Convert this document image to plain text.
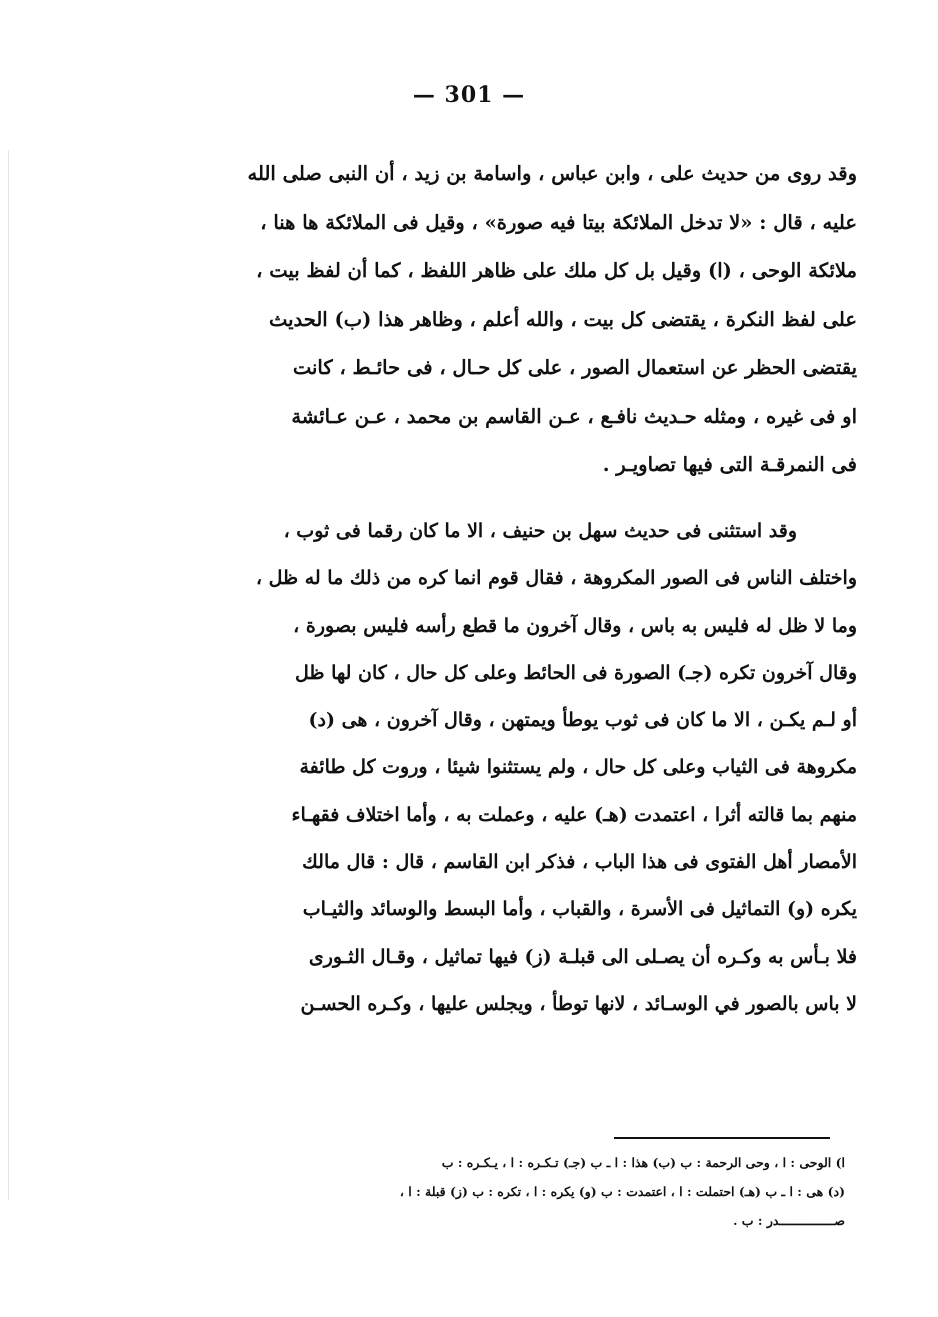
— 301 —
وقد روى من حديث على ، وابن عباس ، واسامة بن زيد ، أن النبى صلى الله
عليه ، قال : «لا تدخل الملائكة بيتا فيه صورة» ، وقيل فى الملائكة ها هنا ،
ملائكة الوحى ، (ا) وقيل بل كل ملك على ظاهر اللفظ ، كما أن لفظ بيت ،
على لفظ النكرة ، يقتضى كل بيت ، والله أعلم ، وظاهر هذا (ب) الحديث
يقتضى الحظر عن استعمال الصور ، على كل حـال ، فى حائـط ، كانت
او فى غيره ، ومثله حـديث نافـع ، عـن القاسم بن محمد ، عـن عـائشة
فى النمرقـة التى فيها تصاويـر .
وقد استثنى فى حديث سهل بن حنيف ، الا ما كان رقما فى ثوب ،
واختلف الناس فى الصور المكروهة ، فقال قوم انما كره من ذلك ما له ظل ،
وما لا ظل له فليس به باس ، وقال آخرون ما قطع رأسه فليس بصورة ،
وقال آخرون تكره (جـ) الصورة فى الحائط وعلى كل حال ، كان لها ظل
أو لـم يكـن ، الا ما كان فى ثوب يوطأ ويمتهن ، وقال آخرون ، هى (د)
مكروهة فى الثياب وعلى كل حال ، ولم يستثنوا شيئا ، وروت كل طائفة
منهم بما قالته أثرا ، اعتمدت (هـ) عليه ، وعملت به ، وأما اختلاف فقهـاء
الأمصار أهل الفتوى فى هذا الباب ، فذكر ابن القاسم ، قال : قال مالك
يكره (و) التماثيل فى الأسرة ، والقباب ، وأما البسط والوسائد والثيـاب
فلا بـأس به وكـره أن يصـلى الى قبلـة (ز) فيها تماثيل ، وقـال الثـورى
لا باس بالصور في الوسـائد ، لانها توطأ ، ويجلس عليها ، وكـره الحسـن
ا) الوحى : ا ، وحى الرحمة : ب (ب) هذا : ا ـ ب (جـ) تـكـره : ا ، يـكـره : ب
(د) هى : ا ـ ب (هـ) احتملت : ا ، اعتمدت : ب (و) يكره : ا ، تكره : ب (ز) قبلة : ا ،
صـــــــــــــــدر : ب .
